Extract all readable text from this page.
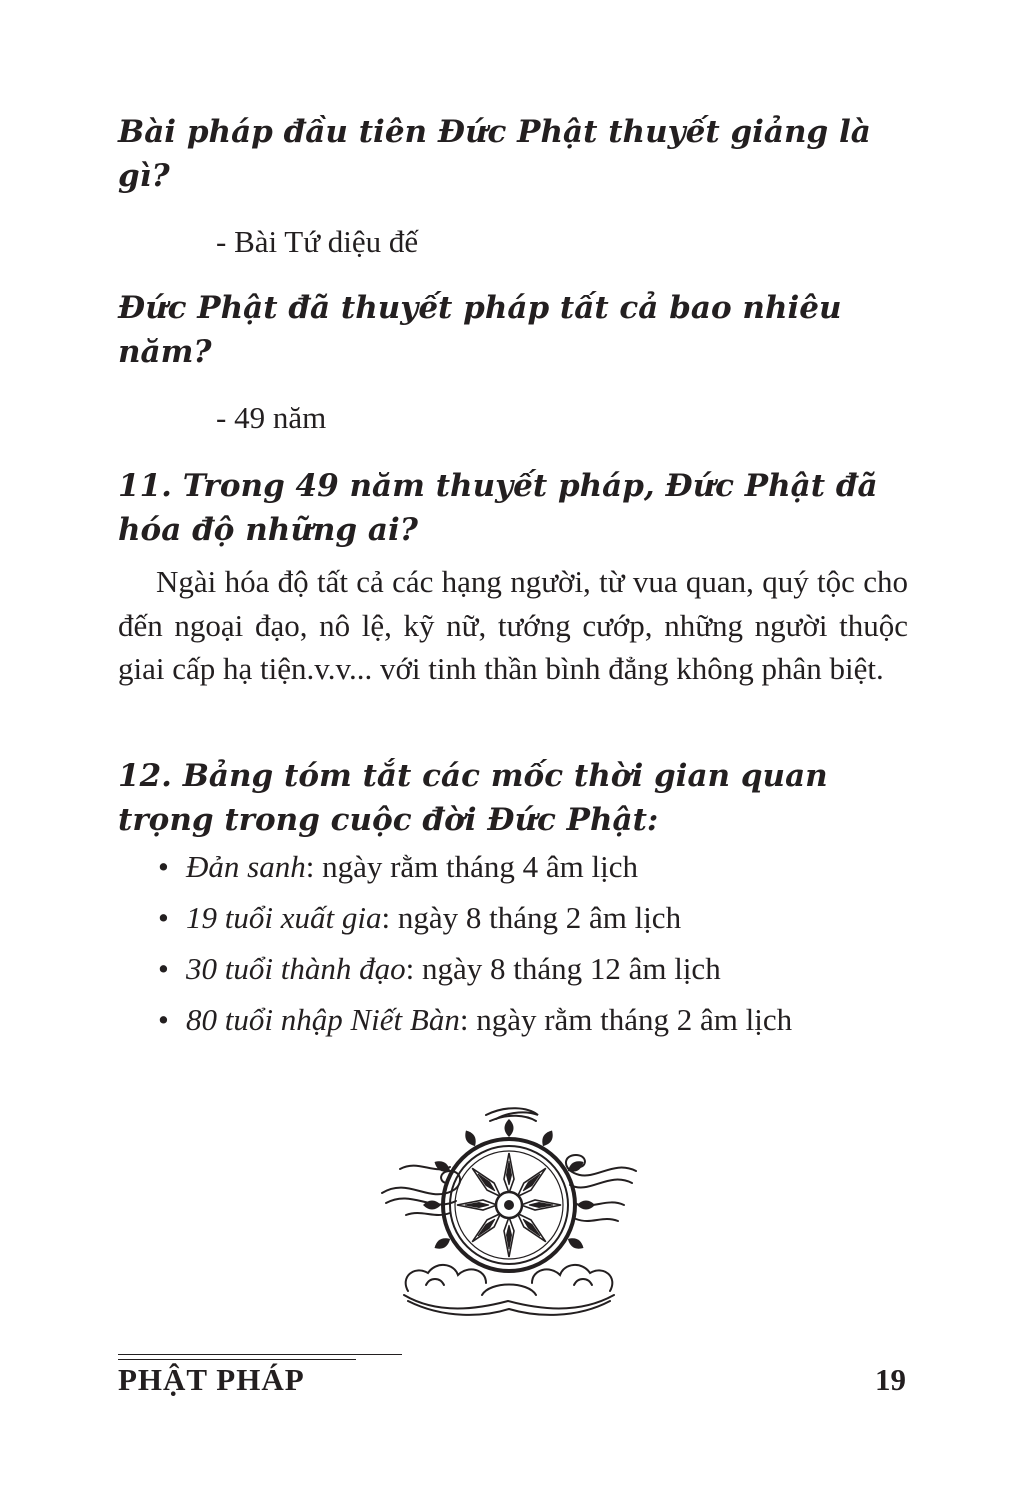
Bài pháp đầu tiên Đức Phật thuyết giảng là gì?

- Bài Tứ diệu đế

Đức Phật đã thuyết pháp tất cả bao nhiêu năm?

- 49 năm

11. Trong 49 năm thuyết pháp, Đức Phật đã hóa độ những ai?

Ngài hóa độ tất cả các hạng người, từ vua quan, quý tộc cho đến ngoại đạo, nô lệ, kỹ nữ, tướng cướp, những người thuộc giai cấp hạ tiện.v.v... với tinh thần bình đẳng không phân biệt.

12. Bảng tóm tắt các mốc thời gian quan trọng trong cuộc đời Đức Phật:

• Đản sanh: ngày rằm tháng 4 âm lịch
• 19 tuổi xuất gia: ngày 8 tháng 2 âm lịch
• 30 tuổi thành đạo: ngày 8 tháng 12 âm lịch
• 80 tuổi nhập Niết Bàn: ngày rằm tháng 2 âm lịch
PHẬT PHÁP	19
